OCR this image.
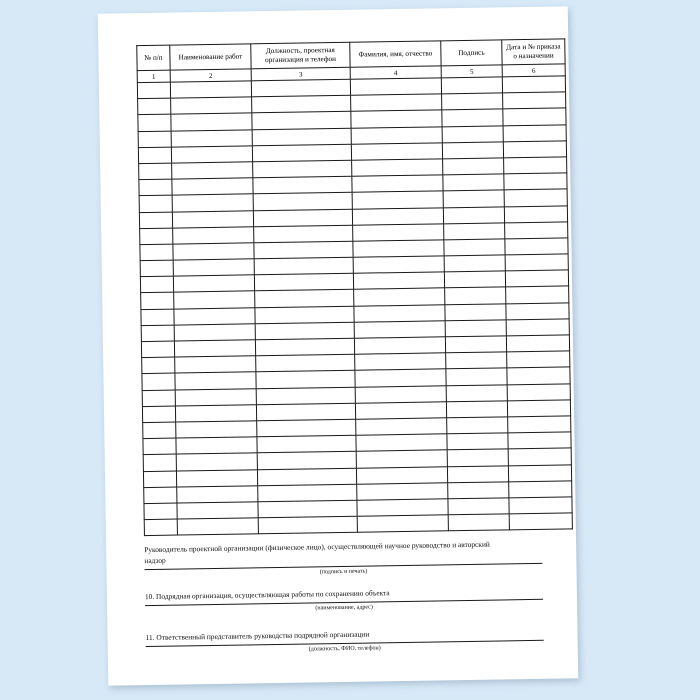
№ п/п	Наименование работ	Должность, проектная организация и телефон	Фамилия, имя, отчество	Подпись	Дата и № приказа о назначении
1	2	3	4	5	6

Руководитель проектной организации (физическое лицо), осуществляющей научное руководство и авторский
надзор
(подпись и печать)
10. Подрядная организация, осуществляющая работы по сохранению объекта
(наименование, адрес)
11. Ответственный представитель руководства подрядной организации
(должность, ФИО, телефон)
